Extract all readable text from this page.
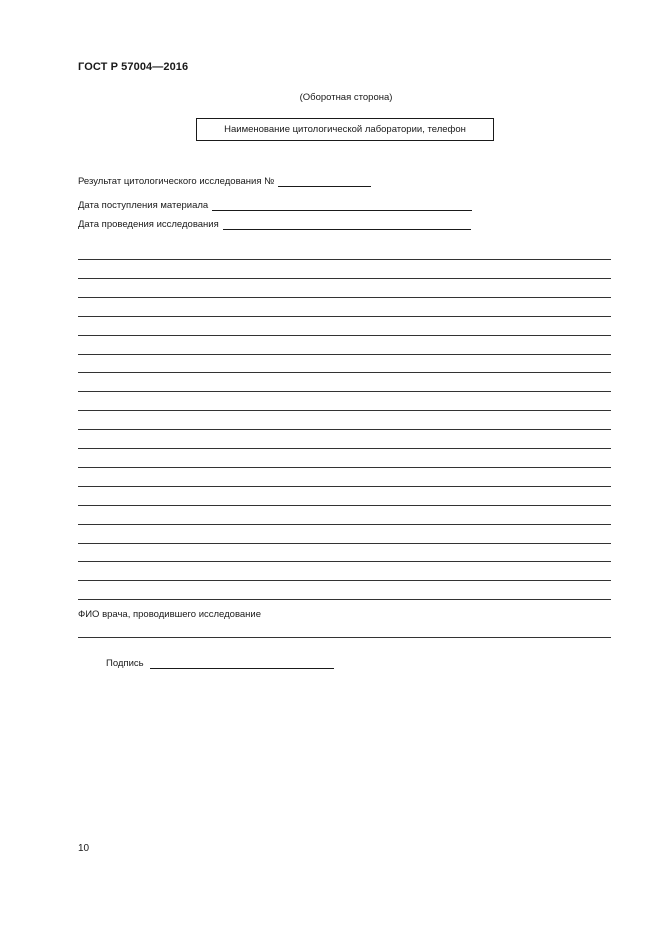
ГОСТ Р 57004—2016
(Оборотная сторона)
Наименование цитологической лаборатории, телефон
Результат цитологического исследования №
Дата поступления материала
Дата проведения исследования
ФИО врача, проводившего исследование
Подпись
10
